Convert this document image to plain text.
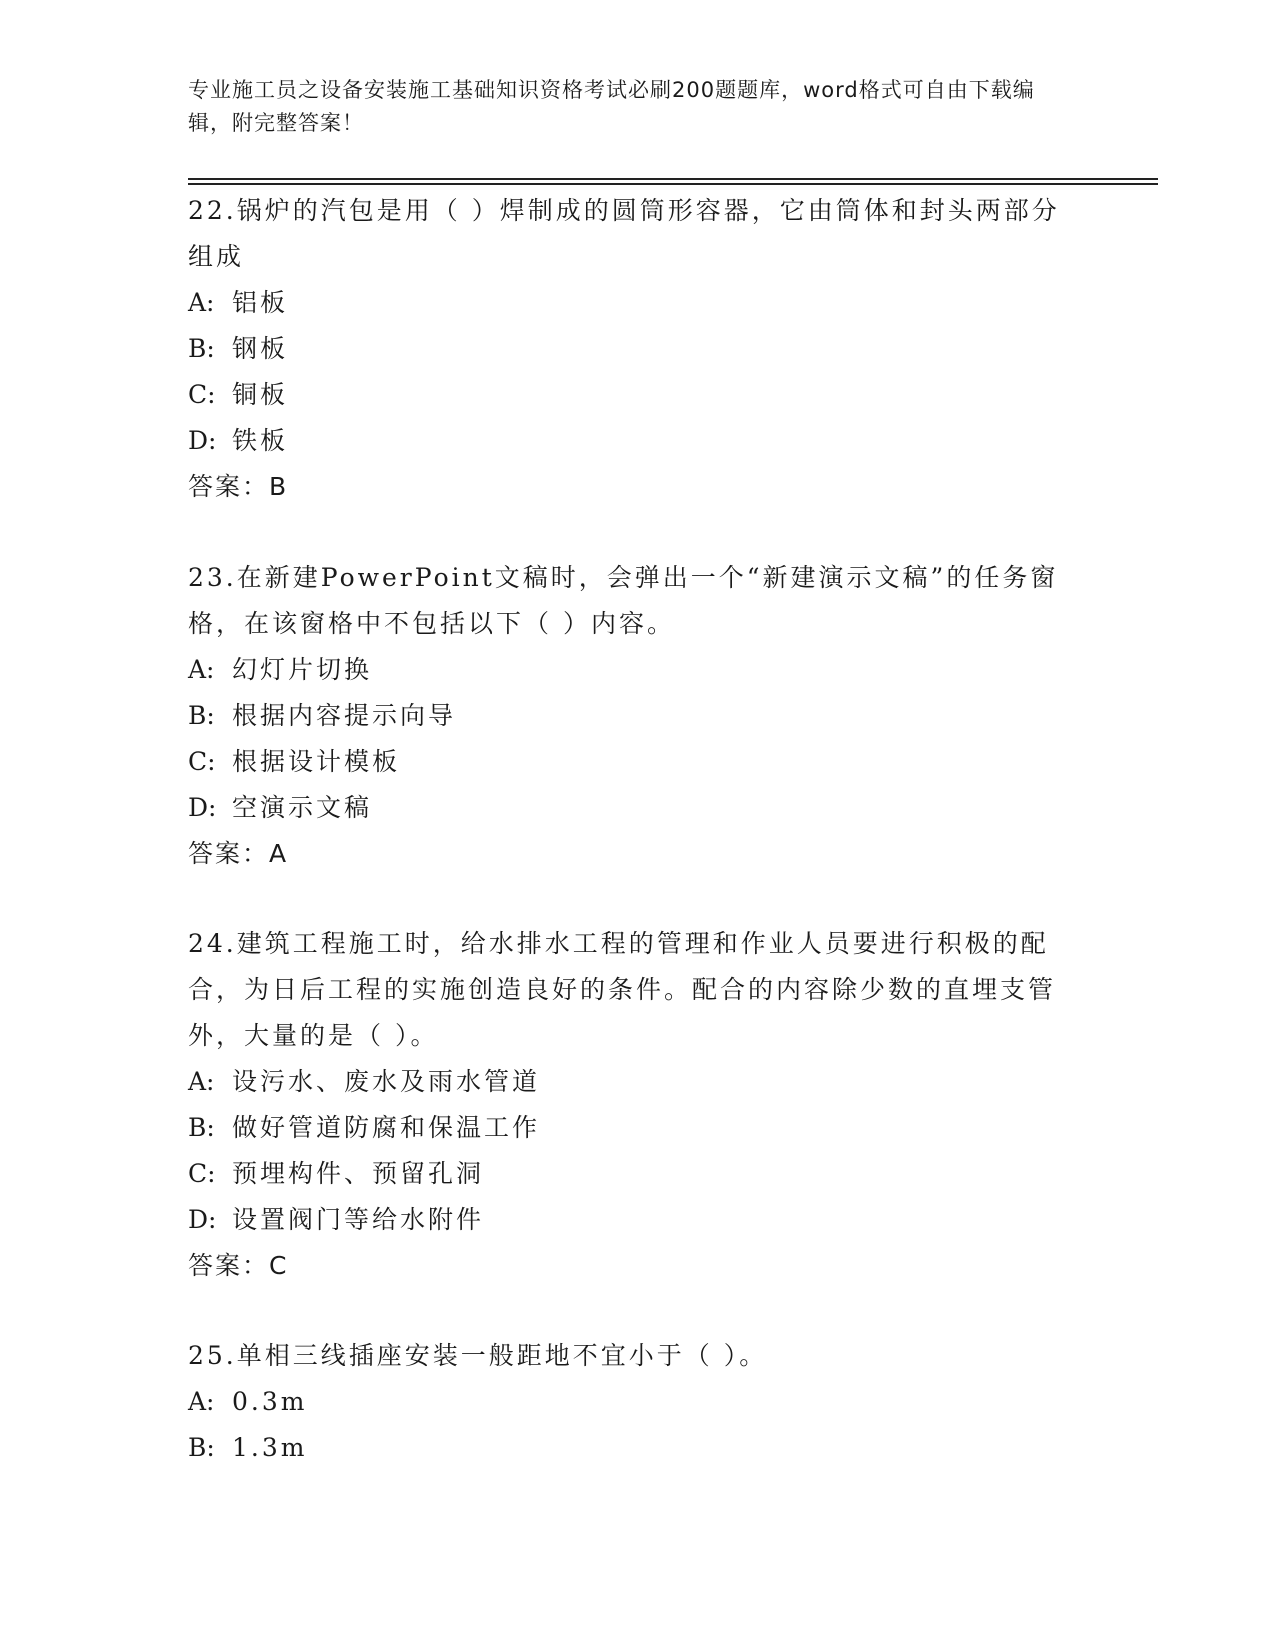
专业施工员之设备安装施工基础知识资格考试必刷200题题库，word格式可自由下载编辑，附完整答案！

22.锅炉的汽包是用（ ）焊制成的圆筒形容器，它由筒体和封头两部分组成

A: 铝板

B: 钢板

C: 铜板

D: 铁板

答案：B

23.在新建PowerPoint文稿时，会弹出一个“新建演示文稿”的任务窗格，在该窗格中不包括以下（ ）内容。

A: 幻灯片切换

B: 根据内容提示向导

C: 根据设计模板

D: 空演示文稿

答案：A

24.建筑工程施工时，给水排水工程的管理和作业人员要进行积极的配合，为日后工程的实施创造良好的条件。配合的内容除少数的直埋支管外，大量的是（ ）。

A: 设污水、废水及雨水管道

B: 做好管道防腐和保温工作

C: 预埋构件、预留孔洞

D: 设置阀门等给水附件

答案：C

25.单相三线插座安装一般距地不宜小于（ ）。

A: 0.3m

B: 1.3m
